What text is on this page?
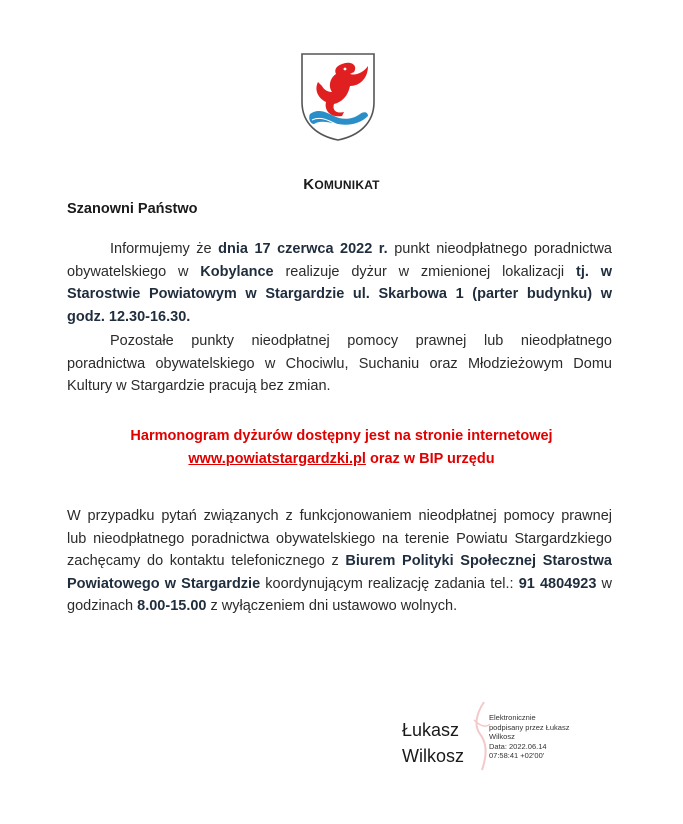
KOMUNIKAT
Szanowni Państwo
Informujemy że dnia 17 czerwca 2022 r. punkt nieodpłatnego poradnictwa obywatelskiego w Kobylance realizuje dyżur w zmienionej lokalizacji tj. w Starostwie Powiatowym w Stargardzie ul. Skarbowa 1 (parter budynku) w godz. 12.30-16.30.
Pozostałe punkty nieodpłatnej pomocy prawnej lub nieodpłatnego poradnictwa obywatelskiego w Chociwlu, Suchaniu oraz Młodzieżowym Domu Kultury w Stargardzie pracują bez zmian.
Harmonogram dyżurów dostępny jest na stronie internetowej
www.powiatstargardzki.pl oraz w BIP urzędu
W przypadku pytań związanych z funkcjonowaniem nieodpłatnej pomocy prawnej lub nieodpłatnego poradnictwa obywatelskiego na terenie Powiatu Stargardzkiego zachęcamy do kontaktu telefonicznego z Biurem Polityki Społecznej Starostwa Powiatowego w Stargardzie koordynującym realizację zadania tel.: 91 4804923 w godzinach 8.00-15.00 z wyłączeniem dni ustawowo wolnych.
Łukasz
Wilkosz
Elektronicznie
podpisany przez Łukasz
Wilkosz
Data: 2022.06.14
07:58:41 +02'00'
